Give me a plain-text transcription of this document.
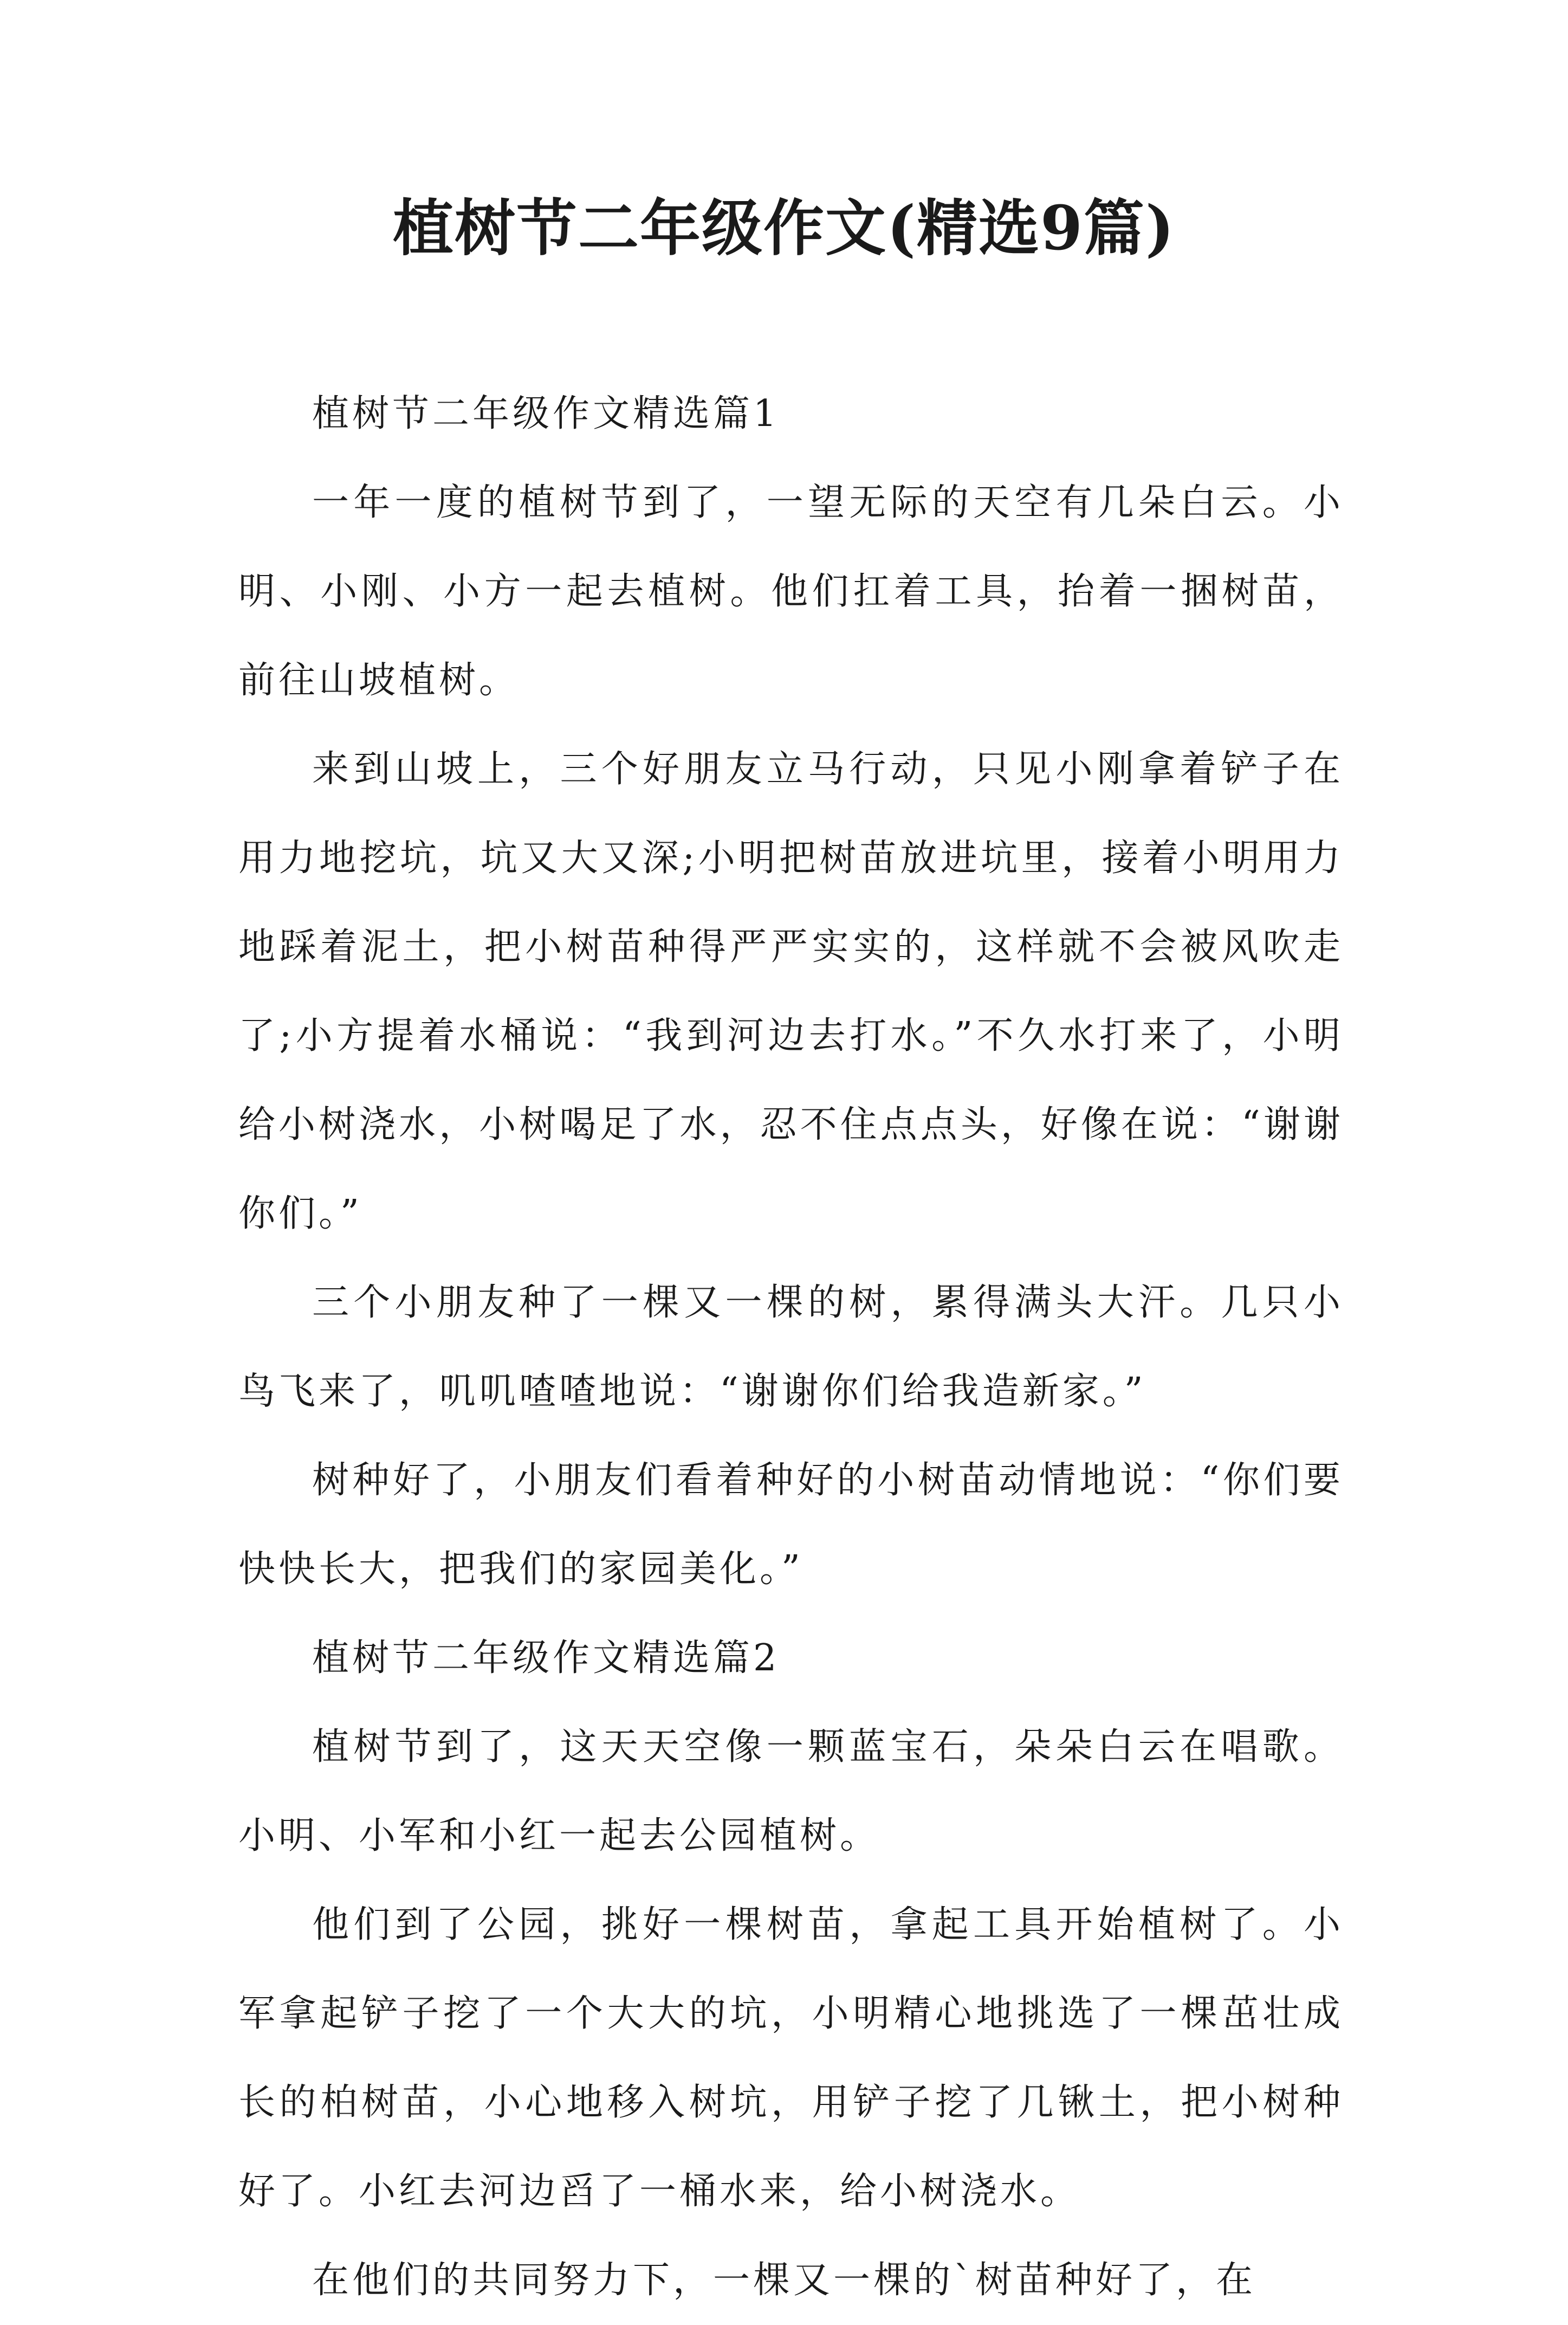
植树节二年级作文(精选9篇)

植树节二年级作文精选篇1

一年一度的植树节到了，一望无际的天空有几朵白云。小明、小刚、小方一起去植树。他们扛着工具，抬着一捆树苗，前往山坡植树。

来到山坡上，三个好朋友立马行动，只见小刚拿着铲子在用力地挖坑，坑又大又深;小明把树苗放进坑里，接着小明用力地踩着泥土，把小树苗种得严严实实的，这样就不会被风吹走了;小方提着水桶说：“我到河边去打水。”不久水打来了，小明给小树浇水，小树喝足了水，忍不住点点头，好像在说：“谢谢你们。”

三个小朋友种了一棵又一棵的树，累得满头大汗。几只小鸟飞来了，叽叽喳喳地说：“谢谢你们给我造新家。”

树种好了，小朋友们看着种好的小树苗动情地说：“你们要快快长大，把我们的家园美化。”

植树节二年级作文精选篇2

植树节到了，这天天空像一颗蓝宝石，朵朵白云在唱歌。小明、小军和小红一起去公园植树。

他们到了公园，挑好一棵树苗，拿起工具开始植树了。小军拿起铲子挖了一个大大的坑，小明精心地挑选了一棵茁壮成长的柏树苗，小心地移入树坑，用铲子挖了几锹土，把小树种好了。小红去河边舀了一桶水来，给小树浇水。

在他们的共同努力下，一棵又一棵的`树苗种好了，在
